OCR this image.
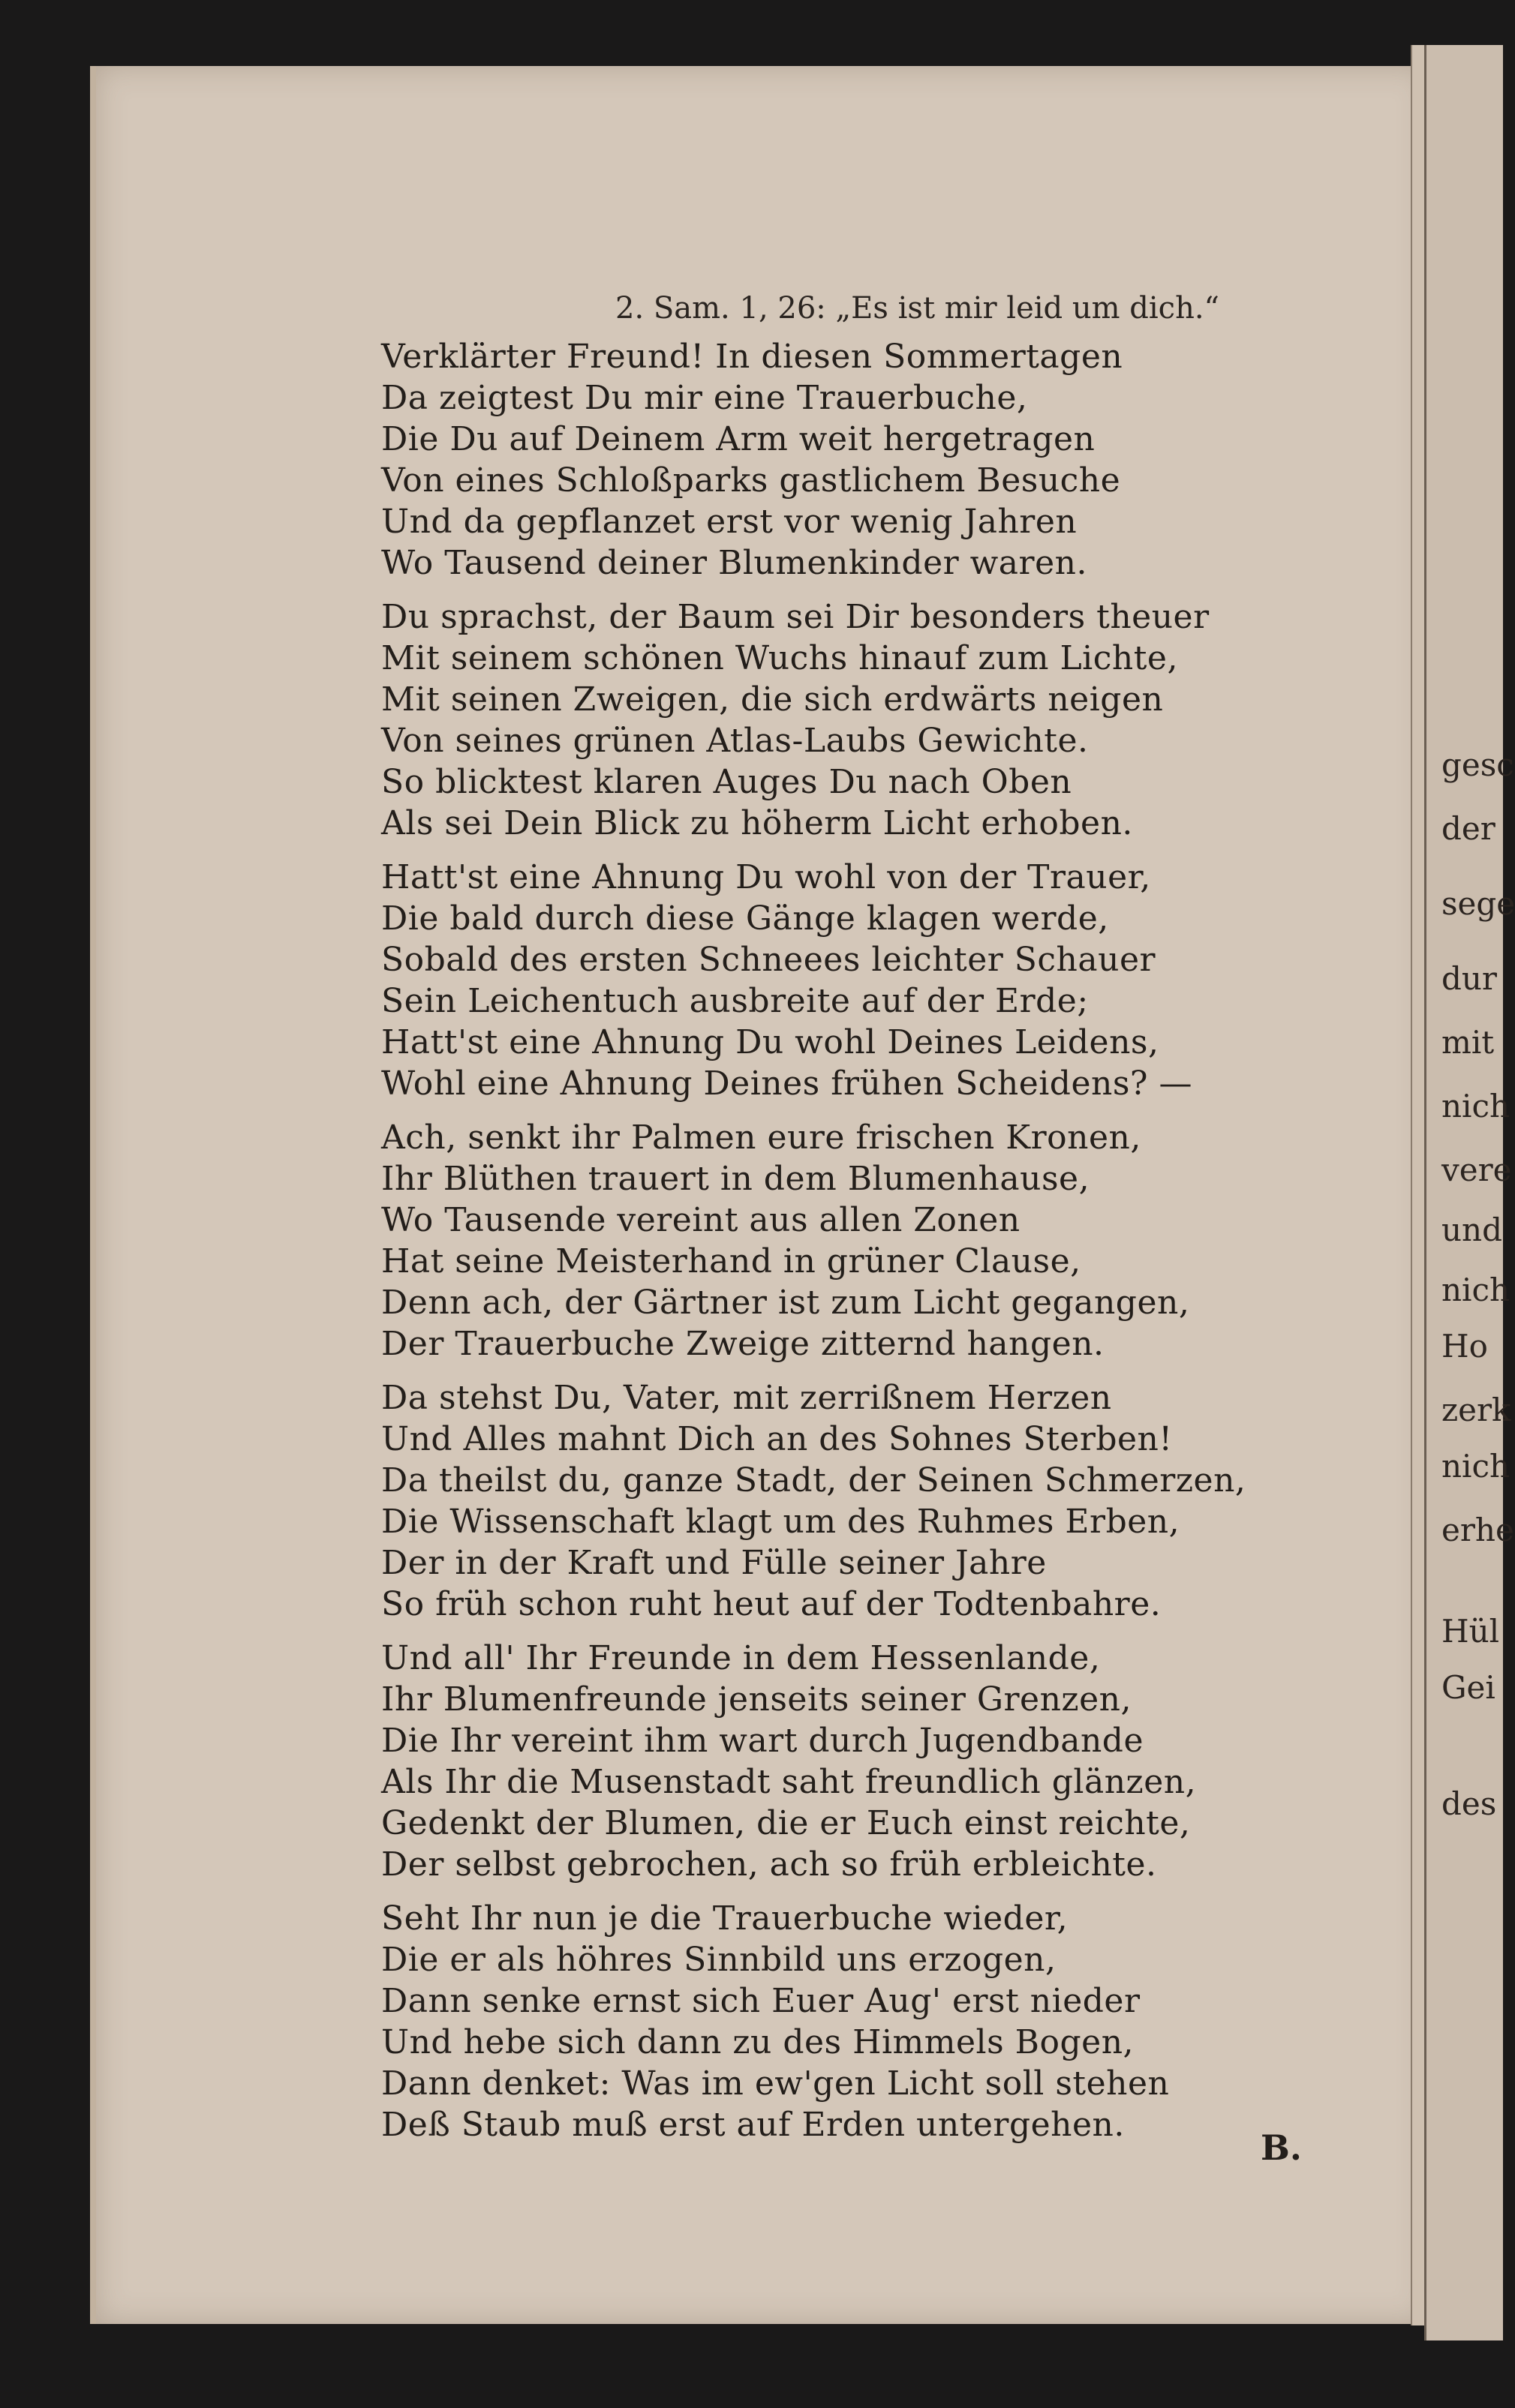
gesc
der
sege
dur
mit
nich
vere
und
nich
Ho
zerk
nich
erhe
Hül
Gei
des
2. Sam. 1, 26: „Es ist mir leid um dich.“
Verklärter Freund! In diesen Sommertagen
Da zeigtest Du mir eine Trauerbuche,
Die Du auf Deinem Arm weit hergetragen
Von eines Schloßparks gastlichem Besuche
Und da gepflanzet erst vor wenig Jahren
Wo Tausend deiner Blumenkinder waren.
Du sprachst, der Baum sei Dir besonders theuer
Mit seinem schönen Wuchs hinauf zum Lichte,
Mit seinen Zweigen, die sich erdwärts neigen
Von seines grünen Atlas-Laubs Gewichte.
So blicktest klaren Auges Du nach Oben
Als sei Dein Blick zu höherm Licht erhoben.
Hatt'st eine Ahnung Du wohl von der Trauer,
Die bald durch diese Gänge klagen werde,
Sobald des ersten Schneees leichter Schauer
Sein Leichentuch ausbreite auf der Erde;
Hatt'st eine Ahnung Du wohl Deines Leidens,
Wohl eine Ahnung Deines frühen Scheidens? —
Ach, senkt ihr Palmen eure frischen Kronen,
Ihr Blüthen trauert in dem Blumenhause,
Wo Tausende vereint aus allen Zonen
Hat seine Meisterhand in grüner Clause,
Denn ach, der Gärtner ist zum Licht gegangen,
Der Trauerbuche Zweige zitternd hangen.
Da stehst Du, Vater, mit zerrißnem Herzen
Und Alles mahnt Dich an des Sohnes Sterben!
Da theilst du, ganze Stadt, der Seinen Schmerzen,
Die Wissenschaft klagt um des Ruhmes Erben,
Der in der Kraft und Fülle seiner Jahre
So früh schon ruht heut auf der Todtenbahre.
Und all' Ihr Freunde in dem Hessenlande,
Ihr Blumenfreunde jenseits seiner Grenzen,
Die Ihr vereint ihm wart durch Jugendbande
Als Ihr die Musenstadt saht freundlich glänzen,
Gedenkt der Blumen, die er Euch einst reichte,
Der selbst gebrochen, ach so früh erbleichte.
Seht Ihr nun je die Trauerbuche wieder,
Die er als höhres Sinnbild uns erzogen,
Dann senke ernst sich Euer Aug' erst nieder
Und hebe sich dann zu des Himmels Bogen,
Dann denket: Was im ew'gen Licht soll stehen
Deß Staub muß erst auf Erden untergehen.
B.
